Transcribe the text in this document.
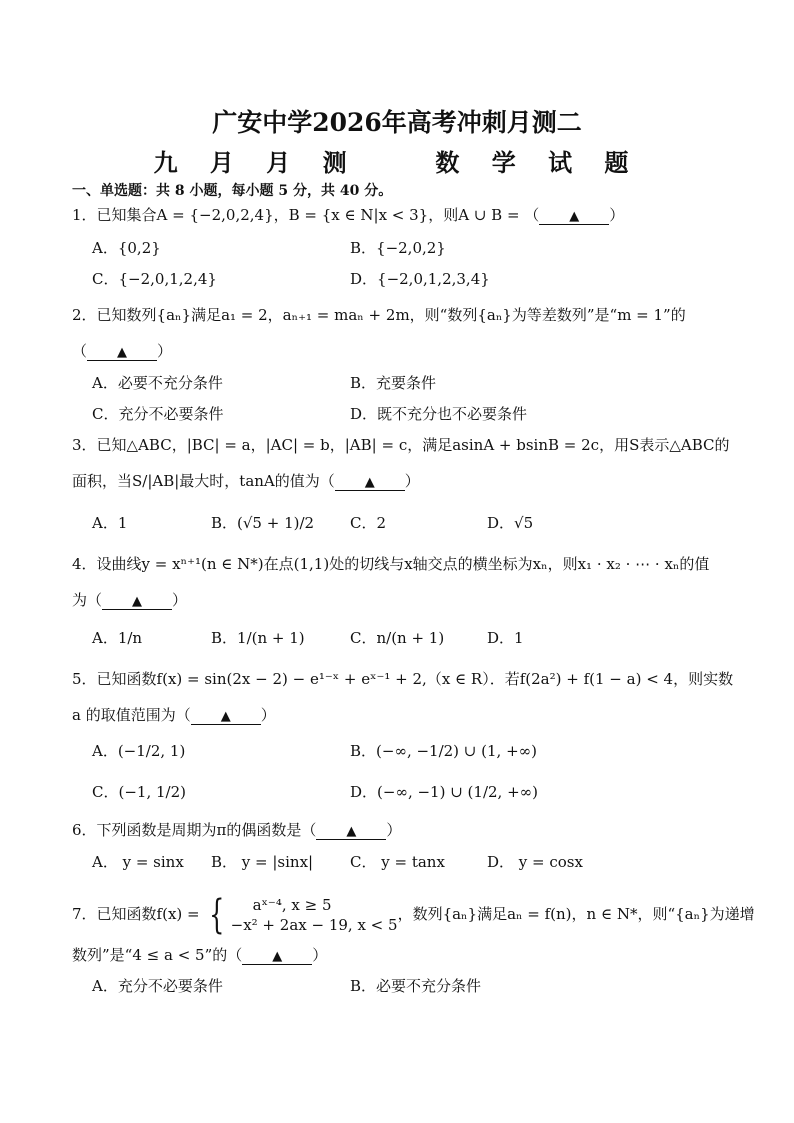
广安中学2026年高考冲刺月测二
九 月 月 测	数 学 试 题
一、单选题：共 8 小题，每小题 5 分，共 40 分。
1．已知集合A = {−2,0,2,4}，B = {x ∈ N|x < 3}，则A ∪ B = （ ▲ ）
A．{0,2}	B．{−2,0,2}
C．{−2,0,1,2,4}	D．{−2,0,1,2,3,4}
2．已知数列{aₙ}满足a₁ = 2，aₙ₊₁ = maₙ + 2m，则“数列{aₙ}为等差数列”是“m = 1”的
（ ▲ ）
A．必要不充分条件	B．充要条件
C．充分不必要条件	D．既不充分也不必要条件
3．已知△ABC，|BC| = a，|AC| = b，|AB| = c，满足asinA + bsinB = 2c，用S表示△ABC的
面积，当S/|AB|最大时，tanA的值为（ ▲ ）
A．1	B．(√5 + 1)/2 C．2	D．√5
4．设曲线y = xⁿ⁺¹(n ∈ N*)在点(1,1)处的切线与x轴交点的横坐标为xₙ，则x₁ · x₂ · ⋯ · xₙ的值
为（ ▲ ）
A．1/n	B．1/(n + 1)	C．n/(n + 1)	D．1
5．已知函数f(x) = sin(2x − 2) − e¹⁻ˣ + eˣ⁻¹ + 2,（x ∈ R）．若f(2a²) + f(1 − a) < 4，则实数
a 的取值范围为（ ▲ ）
A．(−1/2, 1)	B．(−∞, −1/2) ∪ (1, +∞)
C．(−1, 1/2)	D．(−∞, −1) ∪ (1/2, +∞)
6．下列函数是周期为π的偶函数是（ ▲ ）
A． y = sinx B． y = |sinx| C． y = tanx	D． y = cosx
7．已知函数f(x) = {	aˣ⁻⁴, x ≥ 5
−x² + 2ax − 19, x < 5
，数列{aₙ}满足aₙ = f(n)，n ∈ N*，则“{aₙ}为递增
数列”是“4 ≤ a < 5”的（ ▲ ）
A．充分不必要条件	B．必要不充分条件
